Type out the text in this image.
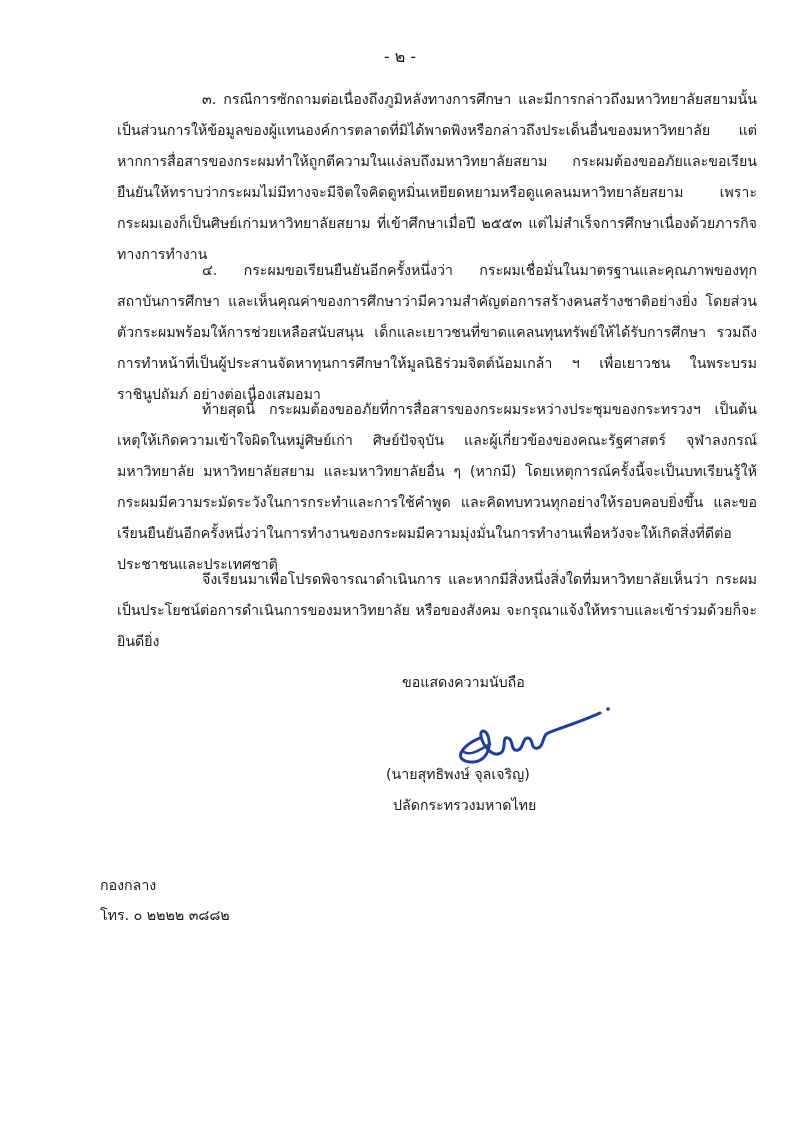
- ๒ -

๓. กรณีการซักถามต่อเนื่องถึงภูมิหลังทางการศึกษา และมีการกล่าวถึงมหาวิทยาลัยสยามนั้น เป็นส่วนการให้ข้อมูลของผู้แทนองค์การตลาดที่มิได้พาดพิงหรือกล่าวถึงประเด็นอื่นของมหาวิทยาลัย แต่หากการสื่อสารของกระผมทำให้ถูกตีความในแง่ลบถึงมหาวิทยาลัยสยาม กระผมต้องขออภัยและขอเรียนยืนยันให้ทราบว่ากระผมไม่มีทางจะมีจิตใจคิดดูหมิ่นเหยียดหยามหรือดูแคลนมหาวิทยาลัยสยาม เพราะกระผมเองก็เป็นศิษย์เก่ามหาวิทยาลัยสยาม ที่เข้าศึกษาเมื่อปี ๒๕๕๓ แต่ไม่สำเร็จการศึกษาเนื่องด้วยภารกิจทางการทำงาน

๔. กระผมขอเรียนยืนยันอีกครั้งหนึ่งว่า กระผมเชื่อมั่นในมาตรฐานและคุณภาพของทุกสถาบันการศึกษา และเห็นคุณค่าของการศึกษาว่ามีความสำคัญต่อการสร้างคนสร้างชาติอย่างยิ่ง โดยส่วนตัวกระผมพร้อมให้การช่วยเหลือสนับสนุน เด็กและเยาวชนที่ขาดแคลนทุนทรัพย์ให้ได้รับการศึกษา รวมถึงการทำหน้าที่เป็นผู้ประสานจัดหาทุนการศึกษาให้มูลนิธิร่วมจิตต์น้อมเกล้า ฯ เพื่อเยาวชน ในพระบรมราชินูปถัมภ์ อย่างต่อเนื่องเสมอมา

ท้ายสุดนี้ กระผมต้องขออภัยที่การสื่อสารของกระผมระหว่างประชุมของกระทรวงฯ เป็นต้นเหตุให้เกิดความเข้าใจผิดในหมู่ศิษย์เก่า ศิษย์ปัจจุบัน และผู้เกี่ยวข้องของคณะรัฐศาสตร์ จุฬาลงกรณ์มหาวิทยาลัย มหาวิทยาลัยสยาม และมหาวิทยาลัยอื่น ๆ (หากมี) โดยเหตุการณ์ครั้งนี้จะเป็นบทเรียนรู้ให้กระผมมีความระมัดระวังในการกระทำและการใช้คำพูด และคิดทบทวนทุกอย่างให้รอบคอบยิ่งขึ้น และขอเรียนยืนยันอีกครั้งหนึ่งว่าในการทำงานของกระผมมีความมุ่งมั่นในการทำงานเพื่อหวังจะให้เกิดสิ่งที่ดีต่อประชาชนและประเทศชาติ

จึงเรียนมาเพื่อโปรดพิจารณาดำเนินการ และหากมีสิ่งหนึ่งสิ่งใดที่มหาวิทยาลัยเห็นว่า กระผมเป็นประโยชน์ต่อการดำเนินการของมหาวิทยาลัย หรือของสังคม จะกรุณาแจ้งให้ทราบและเข้าร่วมด้วยก็จะยินดียิ่ง

ขอแสดงความนับถือ
(นายสุทธิพงษ์ จุลเจริญ)
ปลัดกระทรวงมหาดไทย
กองกลาง
โทร. ๐ ๒๒๒๒ ๓๘๘๒
